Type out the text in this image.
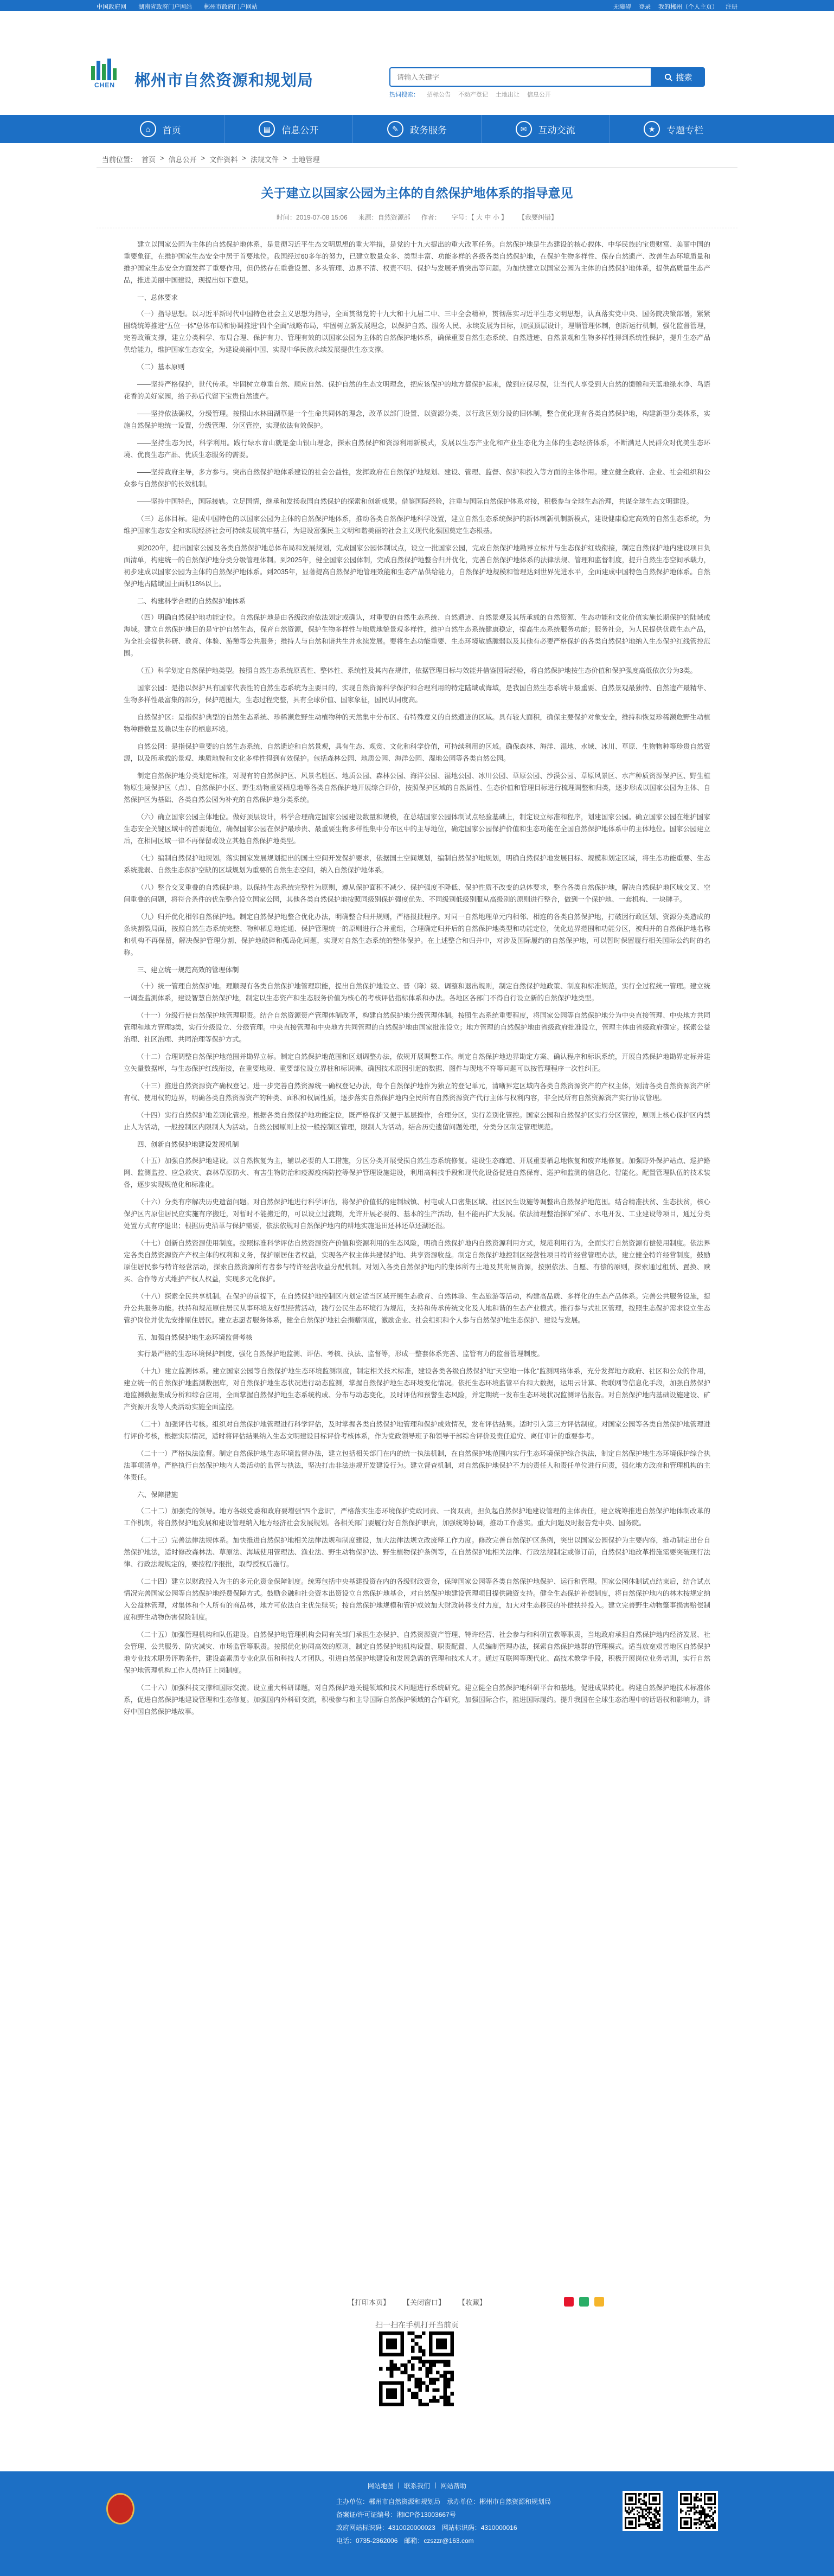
中国政府网 湖南省政府门户网站 郴州市政府门户网站	无障碍 登录 我的郴州（个人主页） 注册
CHEN 郴州市自然资源和规划局
请输入关键字	搜索
热词搜索： 招标公告 不动产登记 土地出让 信息公开
⌂	首页	▤	信息公开	✎	政务服务	✉	互动交流	★	专题专栏
当前位置： 首页 > 信息公开 > 文件资料 > 法规文件 > 土地管理
关于建立以国家公园为主体的自然保护地体系的指导意见
时间：2019-07-08 15:06 来源：自然资源部 作者： 字号：【 大 中 小 】 【我要纠错】

建立以国家公园为主体的自然保护地体系，是贯彻习近平生态文明思想的重大举措，是党的十九大提出的重大改革任务。自然保护地是生态建设的核心载体、中华民族的宝贵财富、美丽中国的重要象征，在维护国家生态安全中居于首要地位。我国经过60多年的努力，已建立数量众多、类型丰富、功能多样的各级各类自然保护地，在保护生物多样性、保存自然遗产、改善生态环境质量和维护国家生态安全方面发挥了重要作用，但仍然存在重叠设置、多头管理、边界不清、权责不明、保护与发展矛盾突出等问题。为加快建立以国家公园为主体的自然保护地体系，提供高质量生态产品，推进美丽中国建设，现提出如下意见。

一、总体要求

（一）指导思想。以习近平新时代中国特色社会主义思想为指导，全面贯彻党的十九大和十九届二中、三中全会精神，贯彻落实习近平生态文明思想，认真落实党中央、国务院决策部署，紧紧围绕统筹推进“五位一体”总体布局和协调推进“四个全面”战略布局，牢固树立新发展理念，以保护自然、服务人民、永续发展为目标，加强顶层设计，理顺管理体制，创新运行机制，强化监督管理，完善政策支撑，建立分类科学、布局合理、保护有力、管理有效的以国家公园为主体的自然保护地体系，确保重要自然生态系统、自然遗迹、自然景观和生物多样性得到系统性保护，提升生态产品供给能力，维护国家生态安全，为建设美丽中国、实现中华民族永续发展提供生态支撑。

（二）基本原则

——坚持严格保护，世代传承。牢固树立尊重自然、顺应自然、保护自然的生态文明理念，把应该保护的地方都保护起来，做到应保尽保，让当代人享受到大自然的馈赠和天蓝地绿水净、鸟语花香的美好家园，给子孙后代留下宝贵自然遗产。

——坚持依法确权，分级管理。按照山水林田湖草是一个生命共同体的理念，改革以部门设置、以资源分类、以行政区划分设的旧体制，整合优化现有各类自然保护地，构建新型分类体系，实施自然保护地统一设置，分级管理、分区管控，实现依法有效保护。

——坚持生态为民，科学利用。践行绿水青山就是金山银山理念，探索自然保护和资源利用新模式，发展以生态产业化和产业生态化为主体的生态经济体系，不断满足人民群众对优美生态环境、优良生态产品、优质生态服务的需要。

——坚持政府主导，多方参与。突出自然保护地体系建设的社会公益性，发挥政府在自然保护地规划、建设、管理、监督、保护和投入等方面的主体作用。建立健全政府、企业、社会组织和公众参与自然保护的长效机制。

——坚持中国特色，国际接轨。立足国情，继承和发扬我国自然保护的探索和创新成果。借鉴国际经验，注重与国际自然保护体系对接，积极参与全球生态治理，共谋全球生态文明建设。

（三）总体目标。建成中国特色的以国家公园为主体的自然保护地体系，推动各类自然保护地科学设置，建立自然生态系统保护的新体制新机制新模式，建设健康稳定高效的自然生态系统，为维护国家生态安全和实现经济社会可持续发展筑牢基石，为建设富强民主文明和谐美丽的社会主义现代化强国奠定生态根基。

到2020年，提出国家公园及各类自然保护地总体布局和发展规划，完成国家公园体制试点，设立一批国家公园，完成自然保护地勘界立标并与生态保护红线衔接，制定自然保护地内建设项目负面清单，构建统一的自然保护地分类分级管理体制。到2025年，健全国家公园体制，完成自然保护地整合归并优化，完善自然保护地体系的法律法规、管理和监督制度，提升自然生态空间承载力，初步建成以国家公园为主体的自然保护地体系。到2035年，显著提高自然保护地管理效能和生态产品供给能力，自然保护地规模和管理达到世界先进水平，全面建成中国特色自然保护地体系。自然保护地占陆域国土面积18%以上。

二、构建科学合理的自然保护地体系

（四）明确自然保护地功能定位。自然保护地是由各级政府依法划定或确认，对重要的自然生态系统、自然遗迹、自然景观及其所承载的自然资源、生态功能和文化价值实施长期保护的陆域或海域。建立自然保护地目的是守护自然生态，保育自然资源，保护生物多样性与地质地貌景观多样性，维护自然生态系统健康稳定，提高生态系统服务功能；服务社会，为人民提供优质生态产品，为全社会提供科研、教育、体验、游憩等公共服务；维持人与自然和谐共生并永续发展。要将生态功能重要、生态环境敏感脆弱以及其他有必要严格保护的各类自然保护地纳入生态保护红线管控范围。

（五）科学划定自然保护地类型。按照自然生态系统原真性、整体性、系统性及其内在规律，依据管理目标与效能并借鉴国际经验，将自然保护地按生态价值和保护强度高低依次分为3类。

国家公园：是指以保护具有国家代表性的自然生态系统为主要目的，实现自然资源科学保护和合理利用的特定陆域或海域，是我国自然生态系统中最重要、自然景观最独特、自然遗产最精华、生物多样性最富集的部分，保护范围大，生态过程完整，具有全球价值、国家象征，国民认同度高。

自然保护区：是指保护典型的自然生态系统、珍稀濒危野生动植物种的天然集中分布区、有特殊意义的自然遗迹的区域。具有较大面积，确保主要保护对象安全，维持和恢复珍稀濒危野生动植物种群数量及赖以生存的栖息环境。

自然公园：是指保护重要的自然生态系统、自然遗迹和自然景观，具有生态、观赏、文化和科学价值，可持续利用的区域。确保森林、海洋、湿地、水域、冰川、草原、生物物种等珍贵自然资源，以及所承载的景观、地质地貌和文化多样性得到有效保护。包括森林公园、地质公园、海洋公园、湿地公园等各类自然公园。

制定自然保护地分类划定标准，对现有的自然保护区、风景名胜区、地质公园、森林公园、海洋公园、湿地公园、冰川公园、草原公园、沙漠公园、草原风景区、水产种质资源保护区、野生植物原生境保护区（点）、自然保护小区、野生动物重要栖息地等各类自然保护地开展综合评价，按照保护区域的自然属性、生态价值和管理目标进行梳理调整和归类，逐步形成以国家公园为主体、自然保护区为基础、各类自然公园为补充的自然保护地分类系统。

（六）确立国家公园主体地位。做好顶层设计，科学合理确定国家公园建设数量和规模，在总结国家公园体制试点经验基础上，制定设立标准和程序，划建国家公园。确立国家公园在维护国家生态安全关键区域中的首要地位，确保国家公园在保护最珍贵、最重要生物多样性集中分布区中的主导地位，确定国家公园保护价值和生态功能在全国自然保护地体系中的主体地位。国家公园建立后，在相同区域一律不再保留或设立其他自然保护地类型。

（七）编制自然保护地规划。落实国家发展规划提出的国土空间开发保护要求，依据国土空间规划，编制自然保护地规划，明确自然保护地发展目标、规模和划定区域，将生态功能重要、生态系统脆弱、自然生态保护空缺的区域规划为重要的自然生态空间，纳入自然保护地体系。

（八）整合交叉重叠的自然保护地。以保持生态系统完整性为原则，遵从保护面积不减少、保护强度不降低、保护性质不改变的总体要求，整合各类自然保护地，解决自然保护地区域交叉、空间重叠的问题，将符合条件的优先整合设立国家公园，其他各类自然保护地按照同级别保护强度优先、不同级别低级别服从高级别的原则进行整合，做到一个保护地、一套机构、一块牌子。

（九）归并优化相邻自然保护地。制定自然保护地整合优化办法，明确整合归并规则，严格报批程序。对同一自然地理单元内相邻、相连的各类自然保护地，打破因行政区划、资源分类造成的条块割裂局面，按照自然生态系统完整、物种栖息地连通、保护管理统一的原则进行合并重组，合理确定归并后的自然保护地类型和功能定位，优化边界范围和功能分区，被归并的自然保护地名称和机构不再保留，解决保护管理分割、保护地破碎和孤岛化问题，实现对自然生态系统的整体保护。在上述整合和归并中，对涉及国际履约的自然保护地，可以暂时保留履行相关国际公约时的名称。

三、建立统一规范高效的管理体制

（十）统一管理自然保护地。理顺现有各类自然保护地管理职能，提出自然保护地设立、晋（降）级、调整和退出规则，制定自然保护地政策、制度和标准规范，实行全过程统一管理。建立统一调查监测体系，建设智慧自然保护地，制定以生态资产和生态服务价值为核心的考核评估指标体系和办法。各地区各部门不得自行设立新的自然保护地类型。

（十一）分级行使自然保护地管理职责。结合自然资源资产管理体制改革，构建自然保护地分级管理体制。按照生态系统重要程度，将国家公园等自然保护地分为中央直接管理、中央地方共同管理和地方管理3类，实行分级设立、分级管理。中央直接管理和中央地方共同管理的自然保护地由国家批准设立；地方管理的自然保护地由省级政府批准设立，管理主体由省级政府确定。探索公益治理、社区治理、共同治理等保护方式。

（十二）合理调整自然保护地范围并勘界立标。制定自然保护地范围和区划调整办法，依规开展调整工作。制定自然保护地边界勘定方案、确认程序和标识系统，开展自然保护地勘界定标并建立矢量数据库，与生态保护红线衔接，在重要地段、重要部位设立界桩和标识牌。确因技术原因引起的数据、图件与现地不符等问题可以按管理程序一次性纠正。

（十三）推进自然资源资产确权登记。进一步完善自然资源统一确权登记办法，每个自然保护地作为独立的登记单元，清晰界定区域内各类自然资源资产的产权主体，划清各类自然资源资产所有权、使用权的边界，明确各类自然资源资产的种类、面积和权属性质，逐步落实自然保护地内全民所有自然资源资产代行主体与权利内容，非全民所有自然资源资产实行协议管理。

（十四）实行自然保护地差别化管控。根据各类自然保护地功能定位，既严格保护又便于基层操作，合理分区，实行差别化管控。国家公园和自然保护区实行分区管控，原则上核心保护区内禁止人为活动，一般控制区内限制人为活动。自然公园原则上按一般控制区管理，限制人为活动。结合历史遗留问题处理，分类分区制定管理规范。

四、创新自然保护地建设发展机制

（十五）加强自然保护地建设。以自然恢复为主，辅以必要的人工措施，分区分类开展受损自然生态系统修复。建设生态廊道、开展重要栖息地恢复和废弃地修复。加强野外保护站点、巡护路网、监测监控、应急救灾、森林草原防火、有害生物防治和疫源疫病防控等保护管理设施建设，利用高科技手段和现代化设备促进自然保育、巡护和监测的信息化、智能化。配置管理队伍的技术装备，逐步实现规范化和标准化。

（十六）分类有序解决历史遗留问题。对自然保护地进行科学评估，将保护价值低的建制城镇、村屯或人口密集区域、社区民生设施等调整出自然保护地范围。结合精准扶贫、生态扶贫，核心保护区内原住居民应实施有序搬迁，对暂时不能搬迁的，可以设立过渡期，允许开展必要的、基本的生产活动，但不能再扩大发展。依法清理整治探矿采矿、水电开发、工业建设等项目，通过分类处置方式有序退出；根据历史沿革与保护需要，依法依规对自然保护地内的耕地实施退田还林还草还湖还湿。

（十七）创新自然资源使用制度。按照标准科学评估自然资源资产价值和资源利用的生态风险，明确自然保护地内自然资源利用方式，规范利用行为，全面实行自然资源有偿使用制度。依法界定各类自然资源资产产权主体的权利和义务，保护原居住者权益，实现各产权主体共建保护地、共享资源收益。制定自然保护地控制区经营性项目特许经营管理办法，建立健全特许经营制度，鼓励原住居民参与特许经营活动，探索自然资源所有者参与特许经营收益分配机制。对划入各类自然保护地内的集体所有土地及其附属资源，按照依法、自愿、有偿的原则，探索通过租赁、置换、赎买、合作等方式维护产权人权益，实现多元化保护。

（十八）探索全民共享机制。在保护的前提下，在自然保护地控制区内划定适当区域开展生态教育、自然体验、生态旅游等活动，构建高品质、多样化的生态产品体系。完善公共服务设施，提升公共服务功能。扶持和规范原住居民从事环境友好型经营活动，践行公民生态环境行为规范，支持和传承传统文化及人地和谐的生态产业模式。推行参与式社区管理，按照生态保护需求设立生态管护岗位并优先安排原住居民。建立志愿者服务体系，健全自然保护地社会捐赠制度，激励企业、社会组织和个人参与自然保护地生态保护、建设与发展。

五、加强自然保护地生态环境监督考核

实行最严格的生态环境保护制度，强化自然保护地监测、评估、考核、执法、监督等，形成一整套体系完善、监管有力的监督管理制度。

（十九）建立监测体系。建立国家公园等自然保护地生态环境监测制度，制定相关技术标准，建设各类各级自然保护地“天空地一体化”监测网络体系，充分发挥地方政府、社区和公众的作用，建立统一的自然保护地监测数据库，对自然保护地生态状况进行动态监测，掌握自然保护地生态环境变化情况。依托生态环境监管平台和大数据，运用云计算、物联网等信息化手段，加强自然保护地监测数据集成分析和综合应用，全面掌握自然保护地生态系统构成、分布与动态变化，及时评估和预警生态风险，并定期统一发布生态环境状况监测评估报告。对自然保护地内基础设施建设、矿产资源开发等人类活动实施全面监控。

（二十）加强评估考核。组织对自然保护地管理进行科学评估，及时掌握各类自然保护地管理和保护成效情况，发布评估结果。适时引入第三方评估制度。对国家公园等各类自然保护地管理进行评价考核，根据实际情况，适时将评估结果纳入生态文明建设目标评价考核体系，作为党政领导班子和领导干部综合评价及责任追究、离任审计的重要参考。

（二十一）严格执法监督。制定自然保护地生态环境监督办法，建立包括相关部门在内的统一执法机制，在自然保护地范围内实行生态环境保护综合执法，制定自然保护地生态环境保护综合执法事项清单。严格执行自然保护地内人类活动的监管与执法，坚决打击非法违规开发建设行为。建立督查机制，对自然保护地保护不力的责任人和责任单位进行问责，强化地方政府和管理机构的主体责任。

六、保障措施

（二十二）加强党的领导。地方各级党委和政府要增强“四个意识”，严格落实生态环境保护党政同责、一岗双责，担负起自然保护地建设管理的主体责任，建立统筹推进自然保护地体制改革的工作机制，将自然保护地发展和建设管理纳入地方经济社会发展规划。各相关部门要履行好自然保护职责，加强统筹协调，推动工作落实。重大问题及时报告党中央、国务院。

（二十三）完善法律法规体系。加快推进自然保护地相关法律法规和制度建设，加大法律法规立改废释工作力度。修改完善自然保护区条例，突出以国家公园保护为主要内容，推动制定出台自然保护地法，适时修改森林法、草原法、海域使用管理法、渔业法、野生动物保护法、野生植物保护条例等，在自然保护地相关法律、行政法规制定或修订前，自然保护地改革措施需要突破现行法律、行政法规规定的，要按程序报批，取得授权后施行。

（二十四）建立以财政投入为主的多元化资金保障制度。统筹包括中央基建投资在内的各级财政资金，保障国家公园等各类自然保护地保护、运行和管理。国家公园体制试点结束后，结合试点情况完善国家公园等自然保护地经费保障方式。鼓励金融和社会资本出资设立自然保护地基金，对自然保护地建设管理项目提供融资支持。健全生态保护补偿制度，将自然保护地内的林木按规定纳入公益林管理，对集体和个人所有的商品林，地方可依法自主优先赎买；按自然保护地规模和管护成效加大财政转移支付力度，加大对生态移民的补偿扶持投入。建立完善野生动物肇事损害赔偿制度和野生动物伤害保险制度。

（二十五）加强管理机构和队伍建设。自然保护地管理机构会同有关部门承担生态保护、自然资源资产管理、特许经营、社会参与和科研宣教等职责，当地政府承担自然保护地内经济发展、社会管理、公共服务、防灾减灾、市场监管等职责。按照优化协同高效的原则，制定自然保护地机构设置、职责配置、人员编制管理办法，探索自然保护地群的管理模式。适当放宽艰苦地区自然保护地专业技术职务评聘条件，建设高素质专业化队伍和科技人才团队。引进自然保护地建设和发展急需的管理和技术人才。通过互联网等现代化、高技术教学手段，积极开展岗位业务培训，实行自然保护地管理机构工作人员持证上岗制度。

（二十六）加强科技支撑和国际交流。设立重大科研课题，对自然保护地关键领域和技术问题进行系统研究。建立健全自然保护地科研平台和基地，促进成果转化。构建自然保护地技术标准体系，促进自然保护地建设管理和生态修复。加强国内外科研交流，积极参与和主导国际自然保护领域的合作研究，加强国际合作，推进国际履约。提升我国在全球生态治理中的话语权和影响力，讲好中国自然保护地故事。

【打印本页】 【关闭窗口】 【收藏】
扫一扫在手机打开当前页
网站地图 | 联系我们 | 网站帮助
主办单位：郴州市自然资源和规划局　承办单位：郴州市自然资源和规划局
备案证/许可证编号：湘ICP备13003667号
政府网站标识码：4310020000023　网站标识码：4310000016
电话：0735-2362006　邮箱：czszzr@163.com
